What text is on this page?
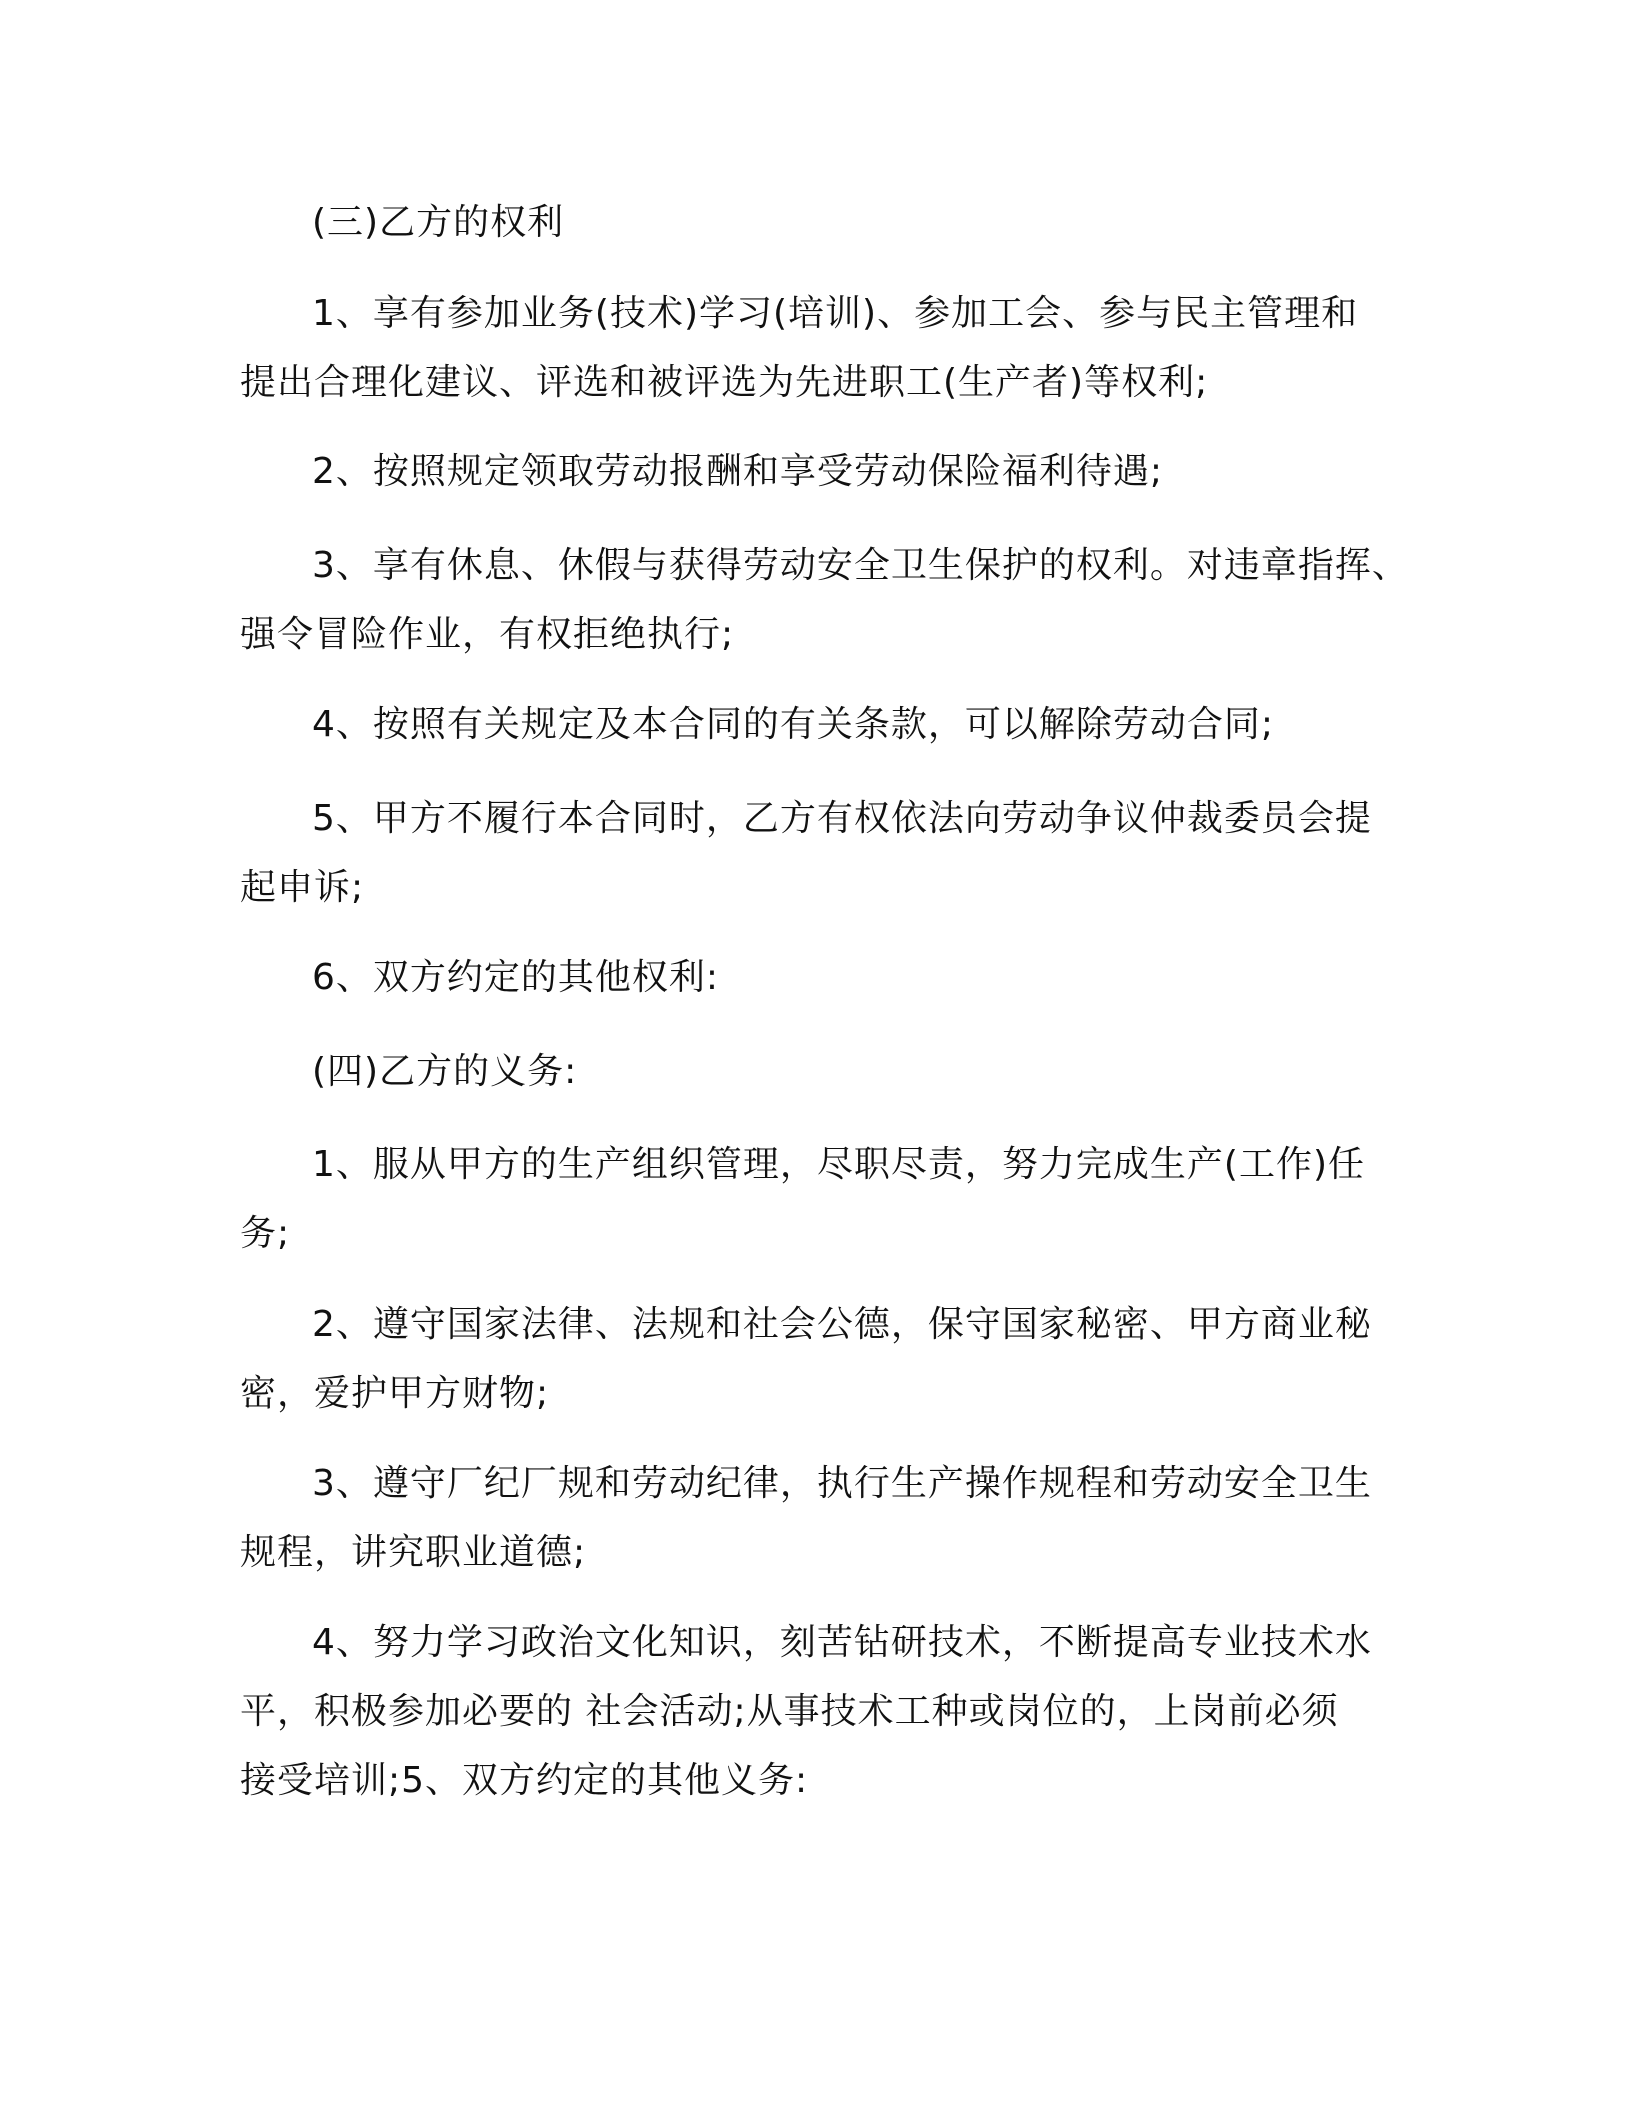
(三)乙方的权利
1、享有参加业务(技术)学习(培训)、参加工会、参与民主管理和
提出合理化建议、评选和被评选为先进职工(生产者)等权利;
2、按照规定领取劳动报酬和享受劳动保险福利待遇;
3、享有休息、休假与获得劳动安全卫生保护的权利。对违章指挥、
强令冒险作业，有权拒绝执行;
4、按照有关规定及本合同的有关条款，可以解除劳动合同;
5、甲方不履行本合同时，乙方有权依法向劳动争议仲裁委员会提
起申诉;
6、双方约定的其他权利:
(四)乙方的义务:
1、服从甲方的生产组织管理，尽职尽责，努力完成生产(工作)任
务;
2、遵守国家法律、法规和社会公德，保守国家秘密、甲方商业秘
密，爱护甲方财物;
3、遵守厂纪厂规和劳动纪律，执行生产操作规程和劳动安全卫生
规程，讲究职业道德;
4、努力学习政治文化知识，刻苦钻研技术，不断提高专业技术水
平，积极参加必要的 社会活动;从事技术工种或岗位的，上岗前必须
接受培训;5、双方约定的其他义务:
